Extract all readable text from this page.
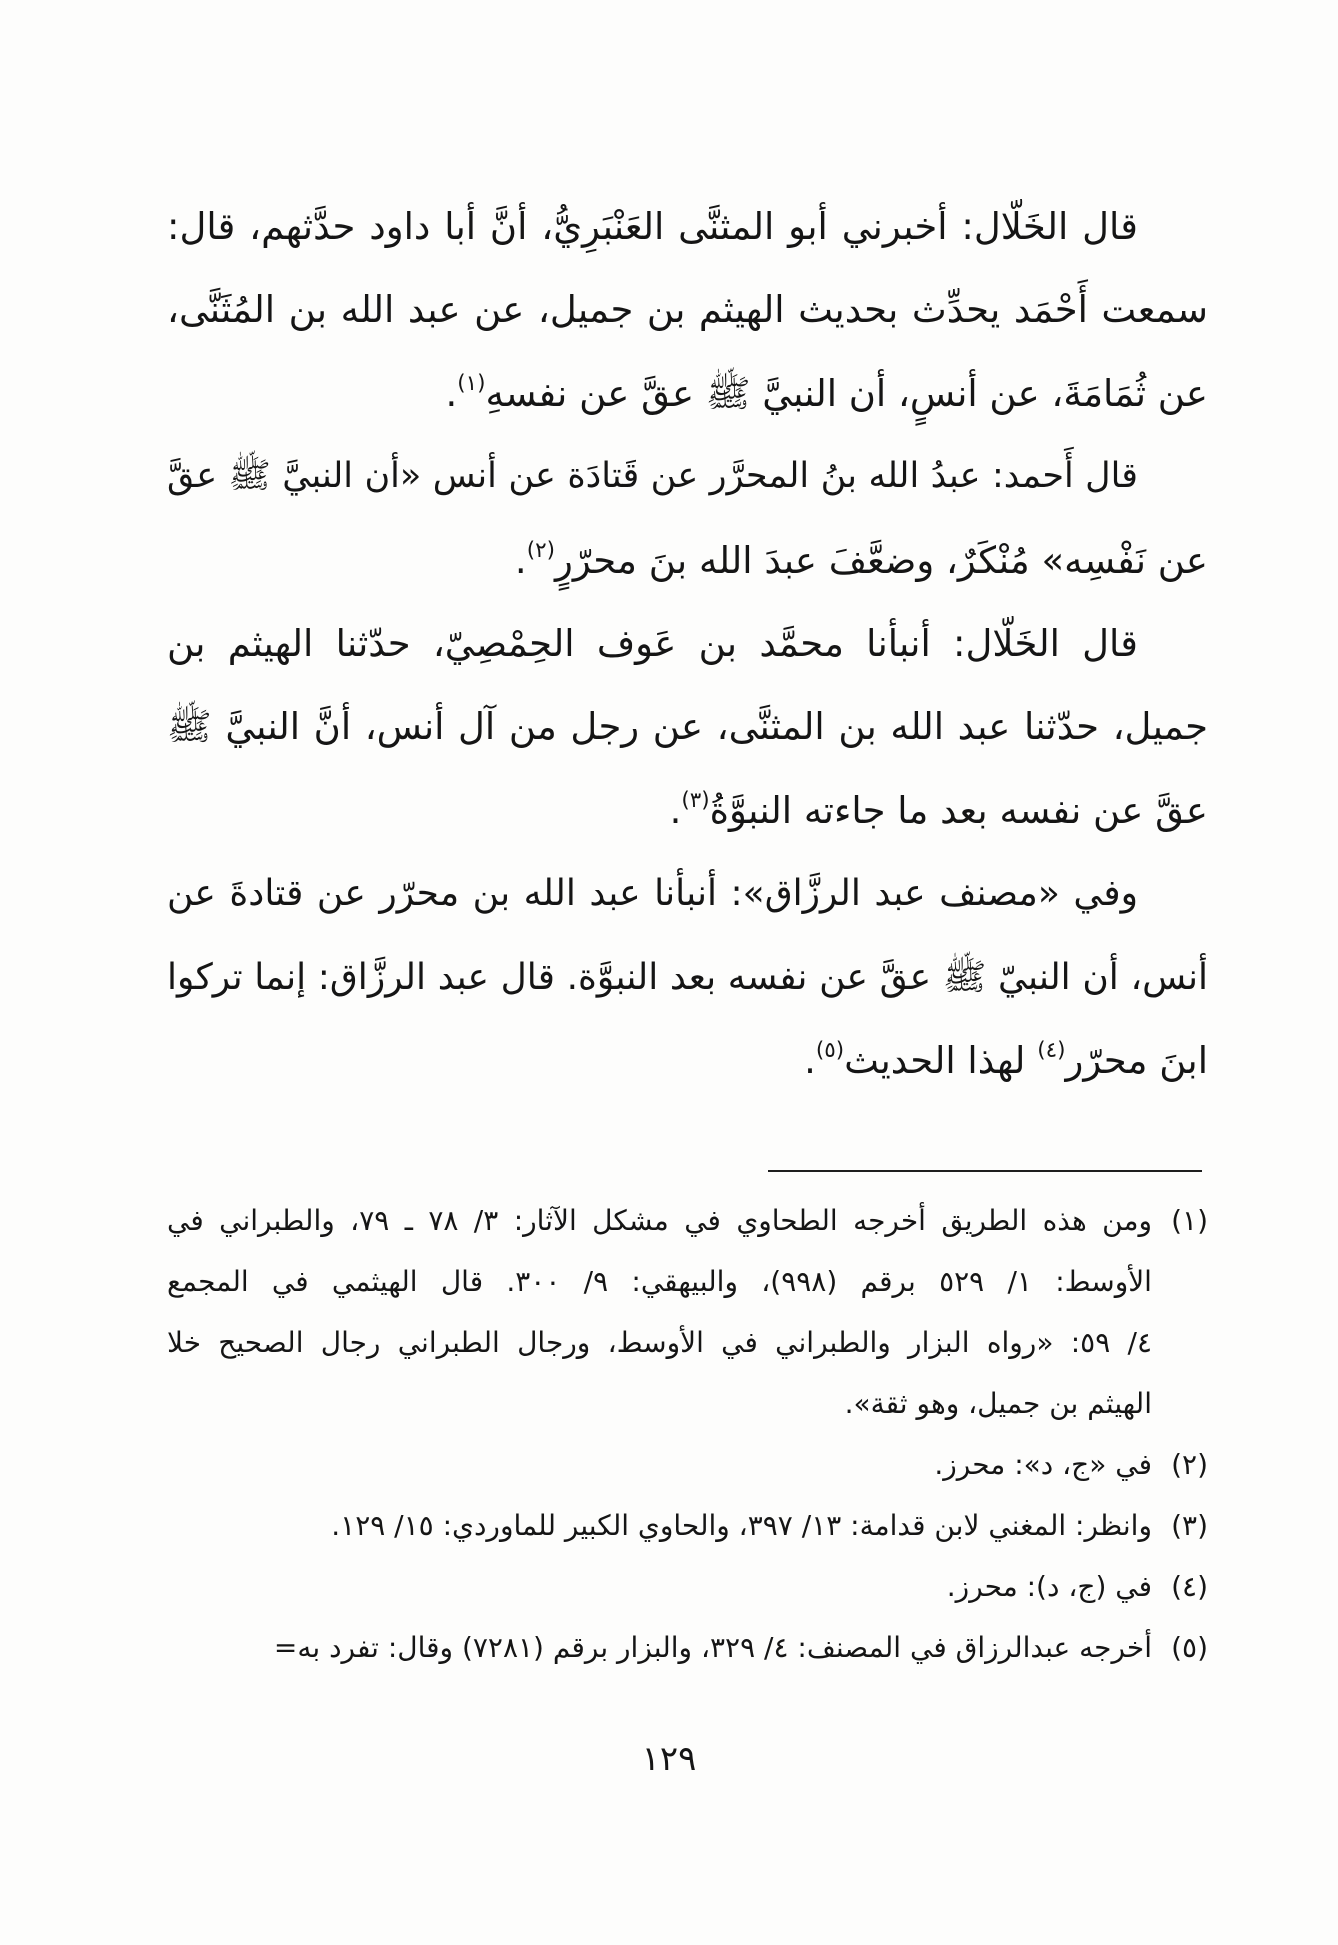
قال الخَلّال: أخبرني أبو المثنَّى العَنْبَرِيُّ، أنَّ أبا داود حدَّثهم، قال:
سمعت أَحْمَد يحدِّث بحديث الهيثم بن جميل، عن عبد الله بن المُثَنَّى،
عن ثُمَامَةَ، عن أنسٍ، أن النبيَّ ﷺ عقَّ عن نفسهِ$^{(١)}$.

قال أَحمد: عبدُ الله بنُ المحرَّر عن قَتادَة عن أنس «أن النبيَّ ﷺ عقَّ
عن نَفْسِه» مُنْكَرٌ، وضعَّفَ عبدَ الله بنَ محرّرٍ$^{(٢)}$.

قال الخَلّال: أنبأنا محمَّد بن عَوف الحِمْصِيّ، حدّثنا الهيثم بن
جميل، حدّثنا عبد الله بن المثنَّى، عن رجل من آل أنس، أنَّ النبيَّ ﷺ
عقَّ عن نفسه بعد ما جاءته النبوَّةُ$^{(٣)}$.

وفي «مصنف عبد الرزَّاق»: أنبأنا عبد الله بن محرّر عن قتادةَ عن
أنس، أن النبيّ ﷺ عقَّ عن نفسه بعد النبوَّة. قال عبد الرزَّاق: إنما تركوا
ابنَ محرّر$^{(٤)}$ لهذا الحديث$^{(٥)}$.

(١)
ومن هذه الطريق أخرجه الطحاوي في مشكل الآثار: ٣/ ٧٨ ـ ٧٩، والطبراني في
الأوسط: ١/ ٥٢٩ برقم (٩٩٨)، والبيهقي: ٩/ ٣٠٠. قال الهيثمي في المجمع
٤/ ٥٩: «رواه البزار والطبراني في الأوسط، ورجال الطبراني رجال الصحيح خلا
الهيثم بن جميل، وهو ثقة».
(٢)
في «ج، د»: محرز.
(٣)
وانظر: المغني لابن قدامة: ١٣/ ٣٩٧، والحاوي الكبير للماوردي: ١٥/ ١٢٩.
(٤)
في (ج، د): محرز.
(٥)
أخرجه عبدالرزاق في المصنف: ٤/ ٣٢٩، والبزار برقم (٧٢٨١) وقال: تفرد به=
١٢٩
